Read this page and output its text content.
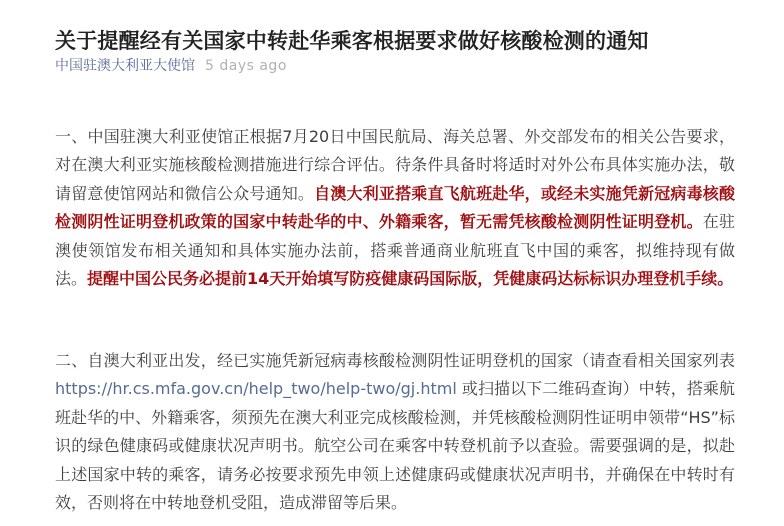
关于提醒经有关国家中转赴华乘客根据要求做好核酸检测的通知
中国驻澳大利亚大使馆 5 days ago

一、中国驻澳大利亚使馆正根据7月20日中国民航局、海关总署、外交部发布的相关公告要求，对在澳大利亚实施核酸检测措施进行综合评估。待条件具备时将适时对外公布具体实施办法，敬请留意使馆网站和微信公众号通知。自澳大利亚搭乘直飞航班赴华，或经未实施凭新冠病毒核酸检测阴性证明登机政策的国家中转赴华的中、外籍乘客，暂无需凭核酸检测阴性证明登机。在驻澳使领馆发布相关通知和具体实施办法前，搭乘普通商业航班直飞中国的乘客，拟维持现有做法。提醒中国公民务必提前14天开始填写防疫健康码国际版，凭健康码达标标识办理登机手续。

二、自澳大利亚出发，经已实施凭新冠病毒核酸检测阴性证明登机的国家（请查看相关国家列表https://hr.cs.mfa.gov.cn/help_two/help-two/gj.html 或扫描以下二维码查询）中转，搭乘航班赴华的中、外籍乘客，须预先在澳大利亚完成核酸检测，并凭核酸检测阴性证明申领带“HS”标识的绿色健康码或健康状况声明书。航空公司在乘客中转登机前予以查验。需要强调的是，拟赴上述国家中转的乘客，请务必按要求预先申领上述健康码或健康状况声明书，并确保在中转时有效，否则将在中转地登机受阻，造成滞留等后果。
